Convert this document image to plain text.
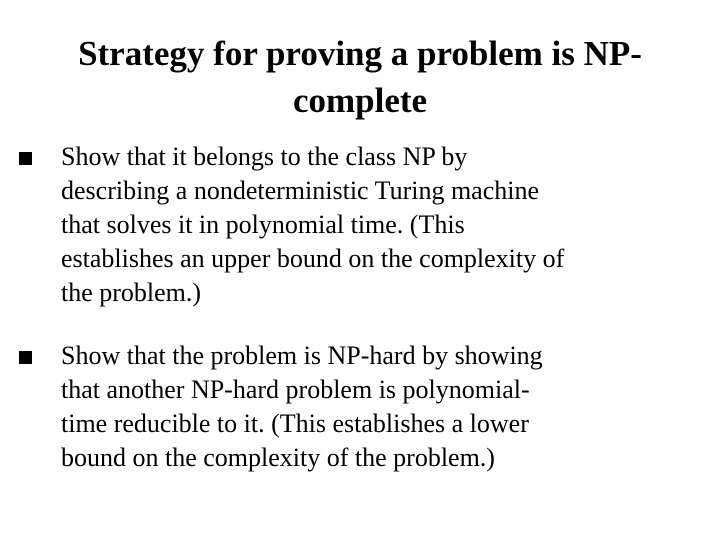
Strategy for proving a problem is NP-
complete
Show that it belongs to the class NP by
describing a nondeterministic Turing machine
that solves it in polynomial time. (This
establishes an upper bound on the complexity of
the problem.)
Show that the problem is NP-hard by showing
that another NP-hard problem is polynomial-
time reducible to it. (This establishes a lower
bound on the complexity of the problem.)
